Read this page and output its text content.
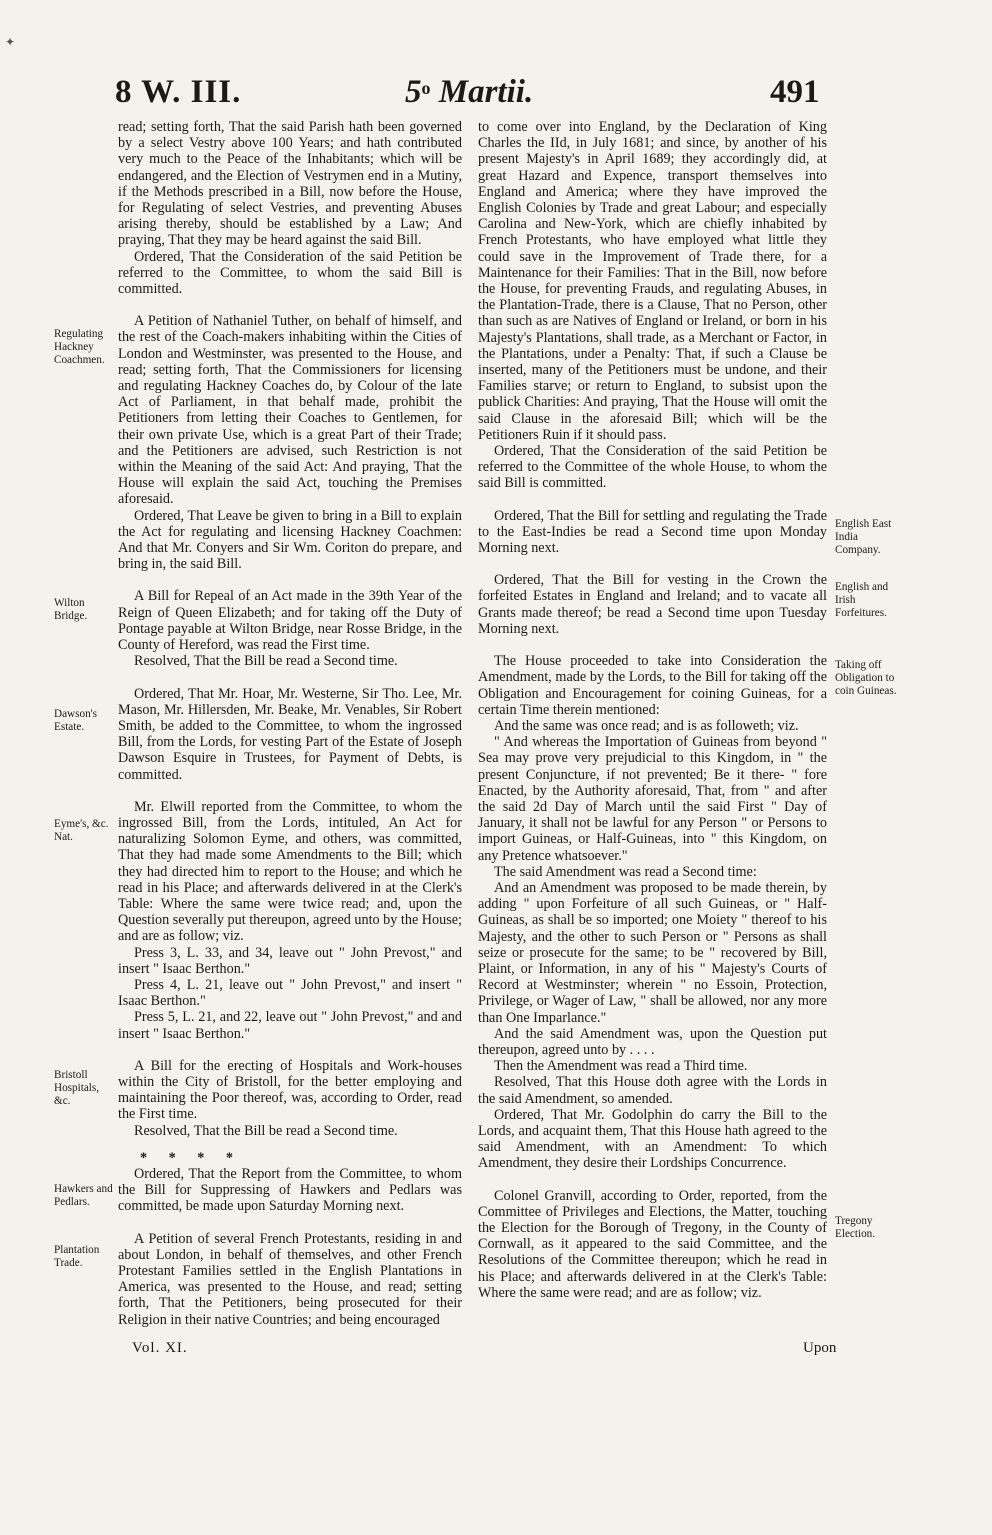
✦
8 W. III.	5$^o$ Martii.	491

read; setting forth, That the said Parish hath been governed by a select Vestry above 100 Years; and hath contributed very much to the Peace of the Inhabitants; which will be endangered, and the Election of Vestrymen end in a Mutiny, if the Methods prescribed in a Bill, now before the House, for Regulating of select Vestries, and preventing Abuses arising thereby, should be established by a Law; And praying, That they may be heard against the said Bill.

Ordered, That the Consideration of the said Petition be referred to the Committee, to whom the said Bill is committed.

A Petition of Nathaniel Tuther, on behalf of himself, and the rest of the Coach-makers inhabiting within the Cities of London and Westminster, was presented to the House, and read; setting forth, That the Commissioners for licensing and regulating Hackney Coaches do, by Colour of the late Act of Parliament, in that behalf made, prohibit the Petitioners from letting their Coaches to Gentlemen, for their own private Use, which is a great Part of their Trade; and the Petitioners are advised, such Restriction is not within the Meaning of the said Act: And praying, That the House will explain the said Act, touching the Premises aforesaid.

Ordered, That Leave be given to bring in a Bill to explain the Act for regulating and licensing Hackney Coachmen: And that Mr. Conyers and Sir Wm. Coriton do prepare, and bring in, the said Bill.

A Bill for Repeal of an Act made in the 39th Year of the Reign of Queen Elizabeth; and for taking off the Duty of Pontage payable at Wilton Bridge, near Rosse Bridge, in the County of Hereford, was read the First time.

Resolved, That the Bill be read a Second time.

Ordered, That Mr. Hoar, Mr. Westerne, Sir Tho. Lee, Mr. Mason, Mr. Hillersden, Mr. Beake, Mr. Venables, Sir Robert Smith, be added to the Committee, to whom the ingrossed Bill, from the Lords, for vesting Part of the Estate of Joseph Dawson Esquire in Trustees, for Payment of Debts, is committed.

Mr. Elwill reported from the Committee, to whom the ingrossed Bill, from the Lords, intituled, An Act for naturalizing Solomon Eyme, and others, was committed, That they had made some Amendments to the Bill; which they had directed him to report to the House; and which he read in his Place; and afterwards delivered in at the Clerk's Table: Where the same were twice read; and, upon the Question severally put thereupon, agreed unto by the House; and are as follow; viz.

Press 3, L. 33, and 34, leave out " John Prevost," and insert " Isaac Berthon."

Press 4, L. 21, leave out " John Prevost," and insert " Isaac Berthon."

Press 5, L. 21, and 22, leave out " John Prevost," and and insert " Isaac Berthon."

A Bill for the erecting of Hospitals and Work-houses within the City of Bristoll, for the better employing and maintaining the Poor thereof, was, according to Order, read the First time.

Resolved, That the Bill be read a Second time.

* * * *

Ordered, That the Report from the Committee, to whom the Bill for Suppressing of Hawkers and Pedlars was committed, be made upon Saturday Morning next.

A Petition of several French Protestants, residing in and about London, in behalf of themselves, and other French Protestant Families settled in the English Plantations in America, was presented to the House, and read; setting forth, That the Petitioners, being prosecuted for their Religion in their native Countries; and being encouraged

to come over into England, by the Declaration of King Charles the IId, in July 1681; and since, by another of his present Majesty's in April 1689; they accordingly did, at great Hazard and Expence, transport themselves into England and America; where they have improved the English Colonies by Trade and great Labour; and especially Carolina and New-York, which are chiefly inhabited by French Protestants, who have employed what little they could save in the Improvement of Trade there, for a Maintenance for their Families: That in the Bill, now before the House, for preventing Frauds, and regulating Abuses, in the Plantation-Trade, there is a Clause, That no Person, other than such as are Natives of England or Ireland, or born in his Majesty's Plantations, shall trade, as a Merchant or Factor, in the Plantations, under a Penalty: That, if such a Clause be inserted, many of the Petitioners must be undone, and their Families starve; or return to England, to subsist upon the publick Charities: And praying, That the House will omit the said Clause in the aforesaid Bill; which will be the Petitioners Ruin if it should pass.

Ordered, That the Consideration of the said Petition be referred to the Committee of the whole House, to whom the said Bill is committed.

Ordered, That the Bill for settling and regulating the Trade to the East-Indies be read a Second time upon Monday Morning next.

Ordered, That the Bill for vesting in the Crown the forfeited Estates in England and Ireland; and to vacate all Grants made thereof; be read a Second time upon Tuesday Morning next.

The House proceeded to take into Consideration the Amendment, made by the Lords, to the Bill for taking off the Obligation and Encouragement for coining Guineas, for a certain Time therein mentioned:

And the same was once read; and is as followeth; viz.

" And whereas the Importation of Guineas from beyond " Sea may prove very prejudicial to this Kingdom, in " the present Conjuncture, if not prevented; Be it there- " fore Enacted, by the Authority aforesaid, That, from " and after the said 2d Day of March until the said First " Day of January, it shall not be lawful for any Person " or Persons to import Guineas, or Half-Guineas, into " this Kingdom, on any Pretence whatsoever."

The said Amendment was read a Second time:

And an Amendment was proposed to be made therein, by adding " upon Forfeiture of all such Guineas, or " Half-Guineas, as shall be so imported; one Moiety " thereof to his Majesty, and the other to such Person or " Persons as shall seize or prosecute for the same; to be " recovered by Bill, Plaint, or Information, in any of his " Majesty's Courts of Record at Westminster; wherein " no Essoin, Protection, Privilege, or Wager of Law, " shall be allowed, nor any more than One Imparlance."

And the said Amendment was, upon the Question put thereupon, agreed unto by . . . .

Then the Amendment was read a Third time.

Resolved, That this House doth agree with the Lords in the said Amendment, so amended.

Ordered, That Mr. Godolphin do carry the Bill to the Lords, and acquaint them, That this House hath agreed to the said Amendment, with an Amendment: To which Amendment, they desire their Lordships Concurrence.

Colonel Granvill, according to Order, reported, from the Committee of Privileges and Elections, the Matter, touching the Election for the Borough of Tregony, in the County of Cornwall, as it appeared to the said Committee, and the Resolutions of the Committee thereupon; which he read in his Place; and afterwards delivered in at the Clerk's Table: Where the same were read; and are as follow; viz.

Regulating Hackney Coachmen.
Wilton Bridge.
Dawson's Estate.
Eyme's, &c. Nat.
Bristoll Hospitals, &c.
Hawkers and Pedlars.
Plantation Trade.
English East India Company.
English and Irish Forfeitures.
Taking off Obligation to coin Guineas.
Tregony Election.
Vol. XI.	Upon
